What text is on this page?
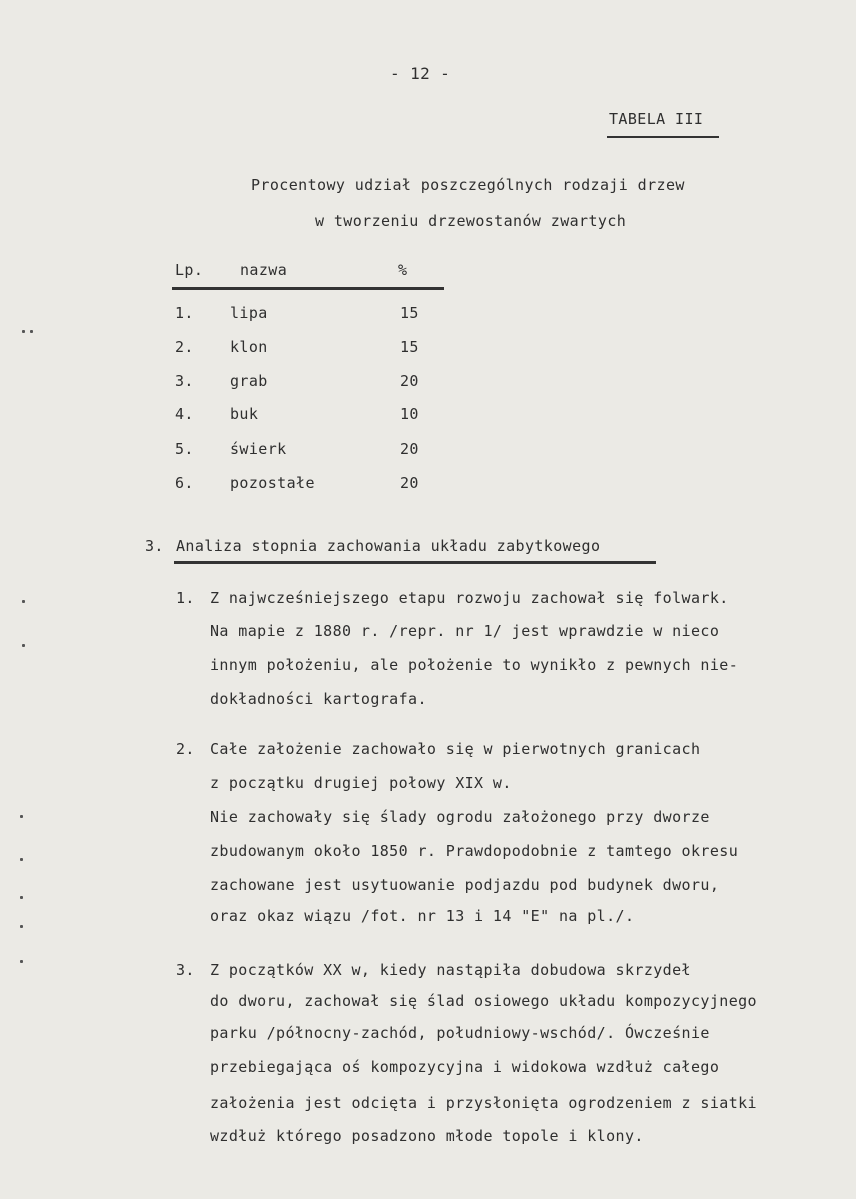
- 12 -
TABELA III
Procentowy udział poszczególnych rodzaji drzew
w tworzeniu drzewostanów zwartych
Lp. nazwa	%
1. lipa	15
2. klon	15
3. grab	20
4. buk	10
5. świerk	20
6. pozostałe	20
3. Analiza stopnia zachowania układu zabytkowego
1. Z najwcześniejszego etapu rozwoju zachował się folwark.
Na mapie z 1880 r. /repr. nr 1/ jest wprawdzie w nieco
innym położeniu, ale położenie to wynikło z pewnych nie-
dokładności kartografa.
2. Całe założenie zachowało się w pierwotnych granicach
z początku drugiej połowy XIX w.
Nie zachowały się ślady ogrodu założonego przy dworze
zbudowanym około 1850 r. Prawdopodobnie z tamtego okresu
zachowane jest usytuowanie podjazdu pod budynek dworu,
oraz okaz wiązu /fot. nr 13 i 14 "E" na pl./.
3. Z początków XX w, kiedy nastąpiła dobudowa skrzydeł
do dworu, zachował się ślad osiowego układu kompozycyjnego
parku /północny-zachód, południowy-wschód/. Ówcześnie
przebiegająca oś kompozycyjna i widokowa wzdłuż całego
założenia jest odcięta i przysłonięta ogrodzeniem z siatki
wzdłuż którego posadzono młode topole i klony.
